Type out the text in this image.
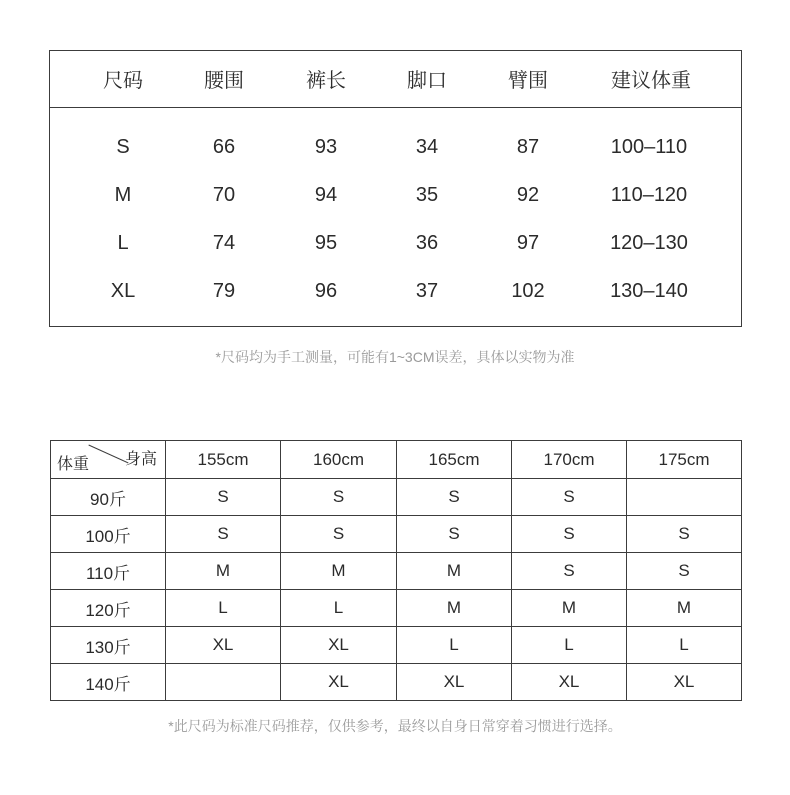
尺码	腰围	裤长	脚口	臂围	建议体重
S	66	93	34	87	100–110
M	70	94	35	92	110–120
L	74	95	36	97	120–130
XL	79	96	37	102	130–140
*尺码均为手工测量，可能有1~3CM误差，具体以实物为准
体重 身高	155cm	160cm	165cm	170cm	175cm
90斤	S	S	S	S	
100斤	S	S	S	S	S
110斤	M	M	M	S	S
120斤	L	L	M	M	M
130斤	XL	XL	L	L	L
140斤		XL	XL	XL	XL
*此尺码为标准尺码推荐，仅供参考，最终以自身日常穿着习惯进行选择。
